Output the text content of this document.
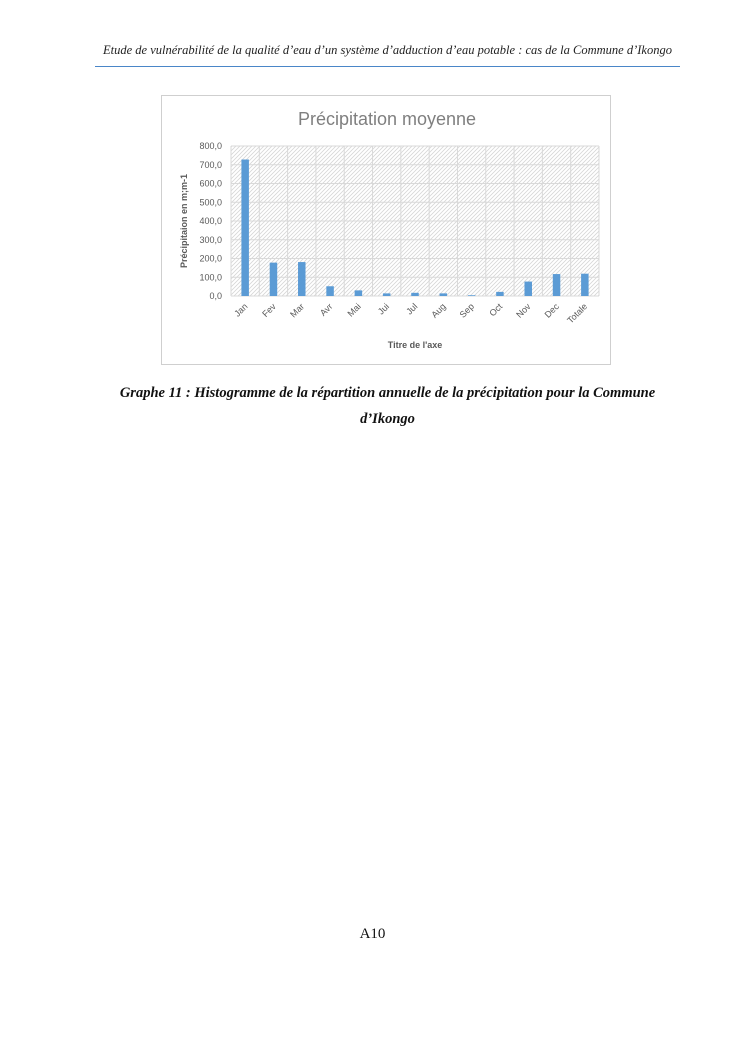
Etude de vulnérabilité de la qualité d’eau d’un système d’adduction d’eau potable : cas de la Commune d’Ikongo
Précipitation moyenne
0,0
100,0
200,0
300,0
400,0
500,0
600,0
700,0
800,0
Jan Fev Mar Avr Mai Jui Jul Aug Sep Oct Nov Dec Totale
Titre de l'axe
Précipitaion en m;m-1
Graphe 11 : Histogramme de la répartition annuelle de la précipitation pour la Commune
d’Ikongo
A10
